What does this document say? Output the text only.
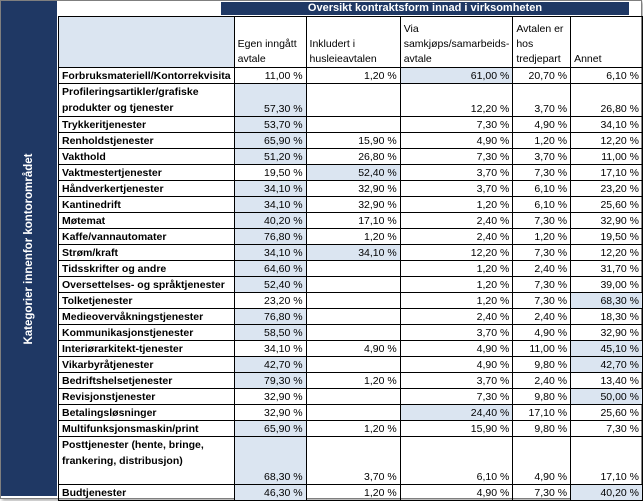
Kategorier innenfor kontorområdet
Oversikt kontraktsform innad i virksomheten
	Egen inngått avtale	Inkludert i husleieavtalen	Via samkjøps/samarbeids-avtale	Avtalen er hos tredjepart	Annet
Forbruksmateriell/Kontorrekvisita	11,00 %	1,20 %	61,00 %	20,70 %	6,10 %
Profileringsartikler/grafiske produkter og tjenester	57,30 %		12,20 %	3,70 %	26,80 %
Trykkeritjenester	53,70 %		7,30 %	4,90 %	34,10 %
Renholdstjenester	65,90 %	15,90 %	4,90 %	1,20 %	12,20 %
Vakthold	51,20 %	26,80 %	7,30 %	3,70 %	11,00 %
Vaktmestertjenester	19,50 %	52,40 %	3,70 %	7,30 %	17,10 %
Håndverkertjenester	34,10 %	32,90 %	3,70 %	6,10 %	23,20 %
Kantinedrift	34,10 %	32,90 %	1,20 %	6,10 %	25,60 %
Møtemat	40,20 %	17,10 %	2,40 %	7,30 %	32,90 %
Kaffe/vannautomater	76,80 %	1,20 %	2,40 %	1,20 %	19,50 %
Strøm/kraft	34,10 %	34,10 %	12,20 %	7,30 %	12,20 %
Tidsskrifter og andre	64,60 %		1,20 %	2,40 %	31,70 %
Oversettelses- og språktjenester	52,40 %		1,20 %	7,30 %	39,00 %
Tolketjenester	23,20 %		1,20 %	7,30 %	68,30 %
Medieovervåkningstjenester	76,80 %		2,40 %	2,40 %	18,30 %
Kommunikasjonstjenester	58,50 %		3,70 %	4,90 %	32,90 %
Interiørarkitekt-tjenester	34,10 %	4,90 %	4,90 %	11,00 %	45,10 %
Vikarbyråtjenester	42,70 %		4,90 %	9,80 %	42,70 %
Bedriftshelsetjenester	79,30 %	1,20 %	3,70 %	2,40 %	13,40 %
Revisjonstjenester	32,90 %		7,30 %	9,80 %	50,00 %
Betalingsløsninger	32,90 %		24,40 %	17,10 %	25,60 %
Multifunksjonsmaskin/print	65,90 %	1,20 %	15,90 %	9,80 %	7,30 %
Posttjenester (hente, bringe, frankering, distribusjon)	68,30 %	3,70 %	6,10 %	4,90 %	17,10 %
Budtjenester	46,30 %	1,20 %	4,90 %	7,30 %	40,20 %
